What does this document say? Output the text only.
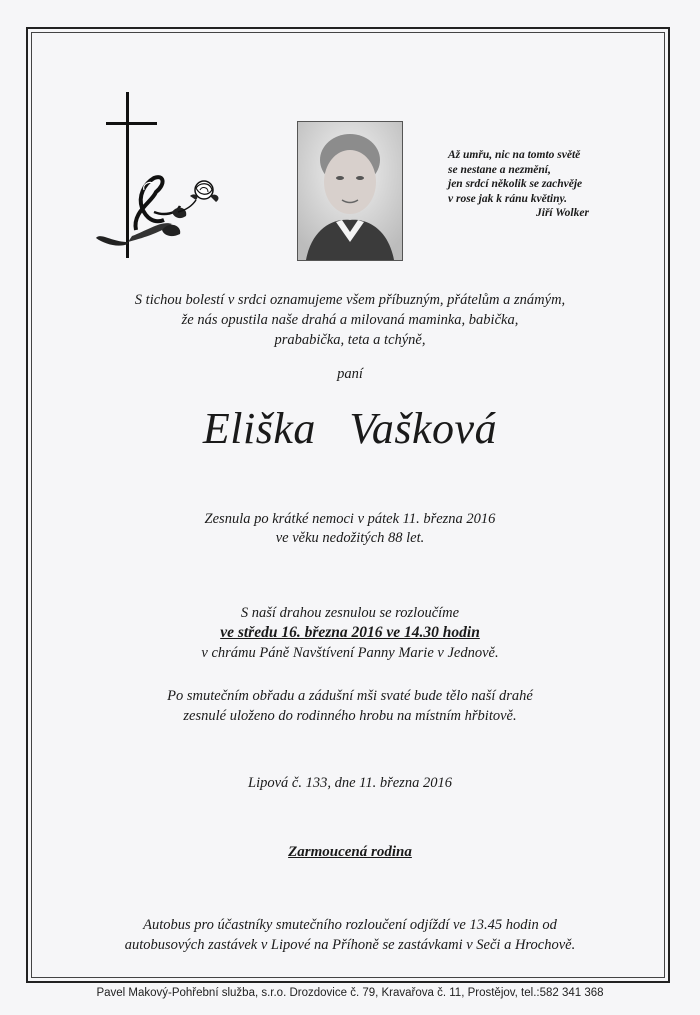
Až umřu, nic na tomto světě
se nestane a nezmění,
jen srdcí několik se zachvěje
v rose jak k ránu květiny.
Jiří Wolker
S tichou bolestí v srdci oznamujeme všem příbuzným, přátelům a známým,
že nás opustila naše drahá a milovaná maminka, babička,
prababička, teta a tchýně,
paní
Eliška Vašková
Zesnula po krátké nemoci v pátek 11. března 2016
ve věku nedožitých 88 let.
S naší drahou zesnulou se rozloučíme
ve středu 16. března 2016 ve 14.30 hodin
v chrámu Páně Navštívení Panny Marie v Jednově.
Po smutečním obřadu a zádušní mši svaté bude tělo naší drahé
zesnulé uloženo do rodinného hrobu na místním hřbitově.
Lipová č. 133, dne 11. března 2016
Zarmoucená rodina
Autobus pro účastníky smutečního rozloučení odjíždí ve 13.45 hodin od
autobusových zastávek v Lipové na Příhoně se zastávkami v Seči a Hrochově.
Pavel Makový-Pohřební služba, s.r.o. Drozdovice č. 79, Kravařova č. 11, Prostějov, tel.:582 341 368
